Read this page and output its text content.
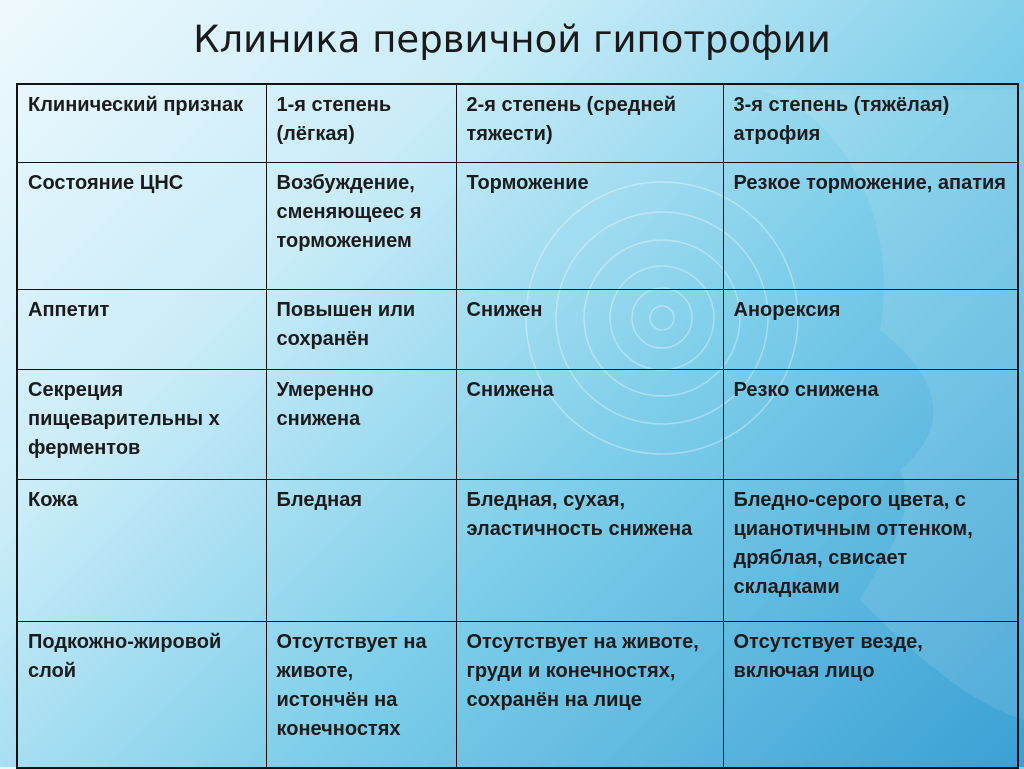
Клиника первичной гипотрофии
Клинический признак	1-я степень (лёгкая)	2-я степень (средней тяжести)	3-я степень (тяжёлая) атрофия
Состояние ЦНС	Возбуждение, сменяющеес я торможением	Торможение	Резкое торможение, апатия
Аппетит	Повышен или сохранён	Снижен	Анорексия
Секреция пищеварительны х ферментов	Умеренно снижена	Снижена	Резко снижена
Кожа	Бледная	Бледная, сухая, эластичность снижена	Бледно-серого цвета, с цианотичным оттенком, дряблая, свисает складками
Подкожно-жировой слой	Отсутствует на животе, истончён на конечностях	Отсутствует на животе, груди и конечностях, сохранён на лице	Отсутствует везде, включая лицо
